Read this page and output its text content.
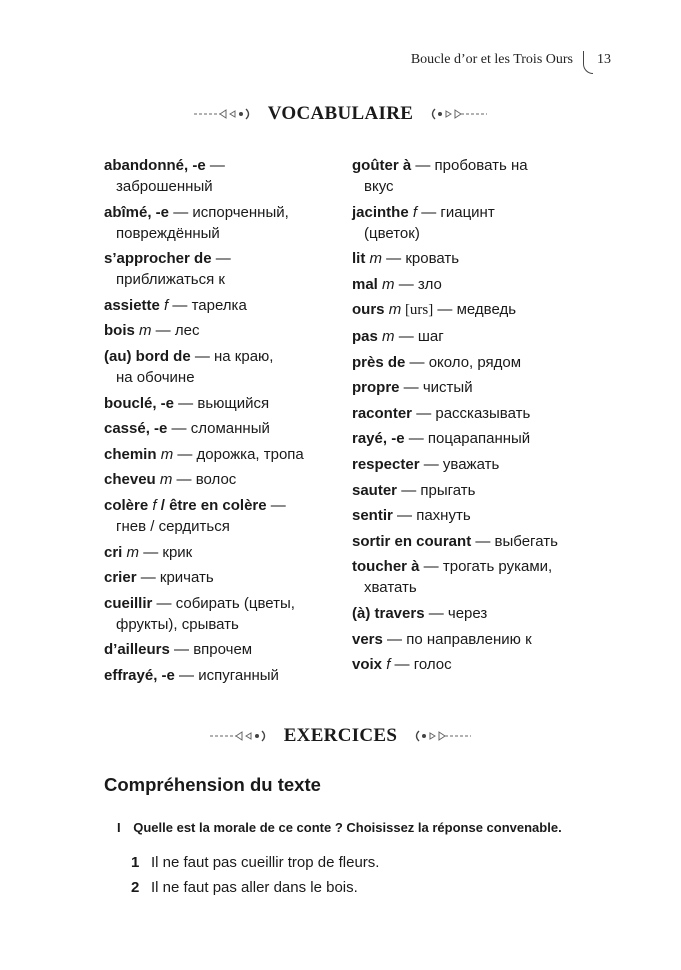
Boucle d’or et les Trois Ours 13
VOCABULAIRE
abandonné, -e —
заброшенный
abîmé, -e — испорченный,
повреждённый
s’approcher de —
приближаться к
assiette f — тарелка
bois m — лес
(au) bord de — на краю,
на обочине
bouclé, -e — вьющийся
cassé, -e — сломанный
chemin m — дорожка, тропа
cheveu m — волос
colère f / être en colère —
гнев / сердиться
cri m — крик
crier — кричать
cueillir — собирать (цветы,
фрукты), срывать
d’ailleurs — впрочем
effrayé, -e — испуганный
goûter à — пробовать на
вкус
jacinthe f — гиацинт
(цветок)
lit m — кровать
mal m — зло
ours m [urs] — медведь
pas m — шаг
près de — около, рядом
propre — чистый
raconter — рассказывать
rayé, -e — поцарапанный
respecter — уважать
sauter — прыгать
sentir — пахнуть
sortir en courant — выбегать
toucher à — трогать руками,
хватать
(à) travers — через
vers — по направлению к
voix f — голос
EXERCICES
Compréhension du texte
I Quelle est la morale de ce conte ? Choisissez la réponse convenable.
1 Il ne faut pas cueillir trop de fleurs.
2 Il ne faut pas aller dans le bois.
